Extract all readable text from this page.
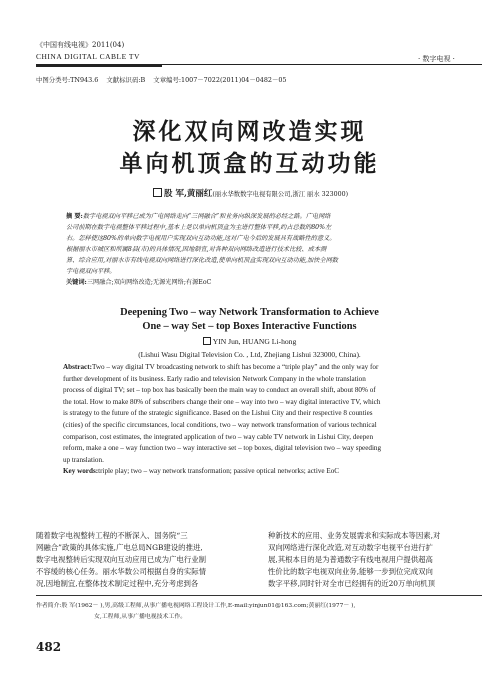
《中国有线电视》2011(04)
CHINA DIGITAL CABLE TV	· 数字电视 ·
中图分类号:TN943.6    文献标识码:B    文章编号:1007－7022(2011)04－0482－05
深化双向网改造实现
单向机顶盒的互动功能
股 军,黄丽红(丽水华数数字电视有限公司,浙江 丽水 323000)
摘 要:数字电视双向平移已成为广电网络走向“三网融合”和业务向纵深发展的必经之路。广电网络
公司前期在数字电视整体平移过程中,基本上是以单向机顶盒为主进行整体平移,约占总数的80%左
右。怎样使这80%的单向数字电视用户实现双向互动功能,这对广电今后的发展具有战略性的意义。
根据丽水市城区和所属8县(市)的具体情况,因地制宜,对各种双向网络改造进行技术比较、成本测
算、综合应用,对丽水市有线电视双向网络进行深化改造,使单向机顶盒实现双向互动功能,加快全网数
字电视双向平移。
关键词:三网融合;双向网络改造;无源光网络;有源EoC
Deepening Two – way Network Transformation to Achieve
One – way Set – top Boxes Interactive Functions
YIN Jun, HUANG Li-hong
(Lishui Wasu Digital Television Co. , Ltd, Zhejiang Lishui 323000, China).
Abstract:Two – way digital TV broadcasting network to shift has become a “triple play” and the only way for
further development of its business. Early radio and television Network Company in the whole translation
process of digital TV; set – top box has basically been the main way to conduct an overall shift, about 80% of
the total. How to make 80% of subscribers change their one – way into two – way digital interactive TV, which
is strategy to the future of the strategic significance. Based on the Lishui City and their respective 8 counties
(cities) of the specific circumstances, local conditions, two – way network transformation of various technical
comparison, cost estimates, the integrated application of two – way cable TV network in Lishui City, deepen
reform, make a one – way function two – way interactive set – top boxes, digital television two – way speeding
up translation.
Key words:triple play; two – way network transformation; passive optical networks; active EoC
随着数字电视整转工程的不断深入、国务院“三
网融合”政策的具体实施,广电总局NGB建设的推进,
数字电视整转后实现双向互动应用已成为广电行业制
不容缓的核心任务。丽水华数公司根据自身的实际情
况,因地制宜,在整体技术制定过程中,充分考虑到各
种新技术的应用、业务发展需求和实际成本等因素,对
双向网络进行深化改造,对互动数字电视平台进行扩
展,其根本目的是为普通数字有线电视用户提供超高
性价比的数字电视双向业务,能够一步到位完成双向
数字平移,同时针对全市已经拥有的近20万单向机顶
作者简介:股 军(1962－ ),男,高级工程师,从事广播电视网络工程设计工作,E-mail:yinjun01@163.com;黄丽红(1977－ ),
女,工程师,从事广播电视技术工作。
482
